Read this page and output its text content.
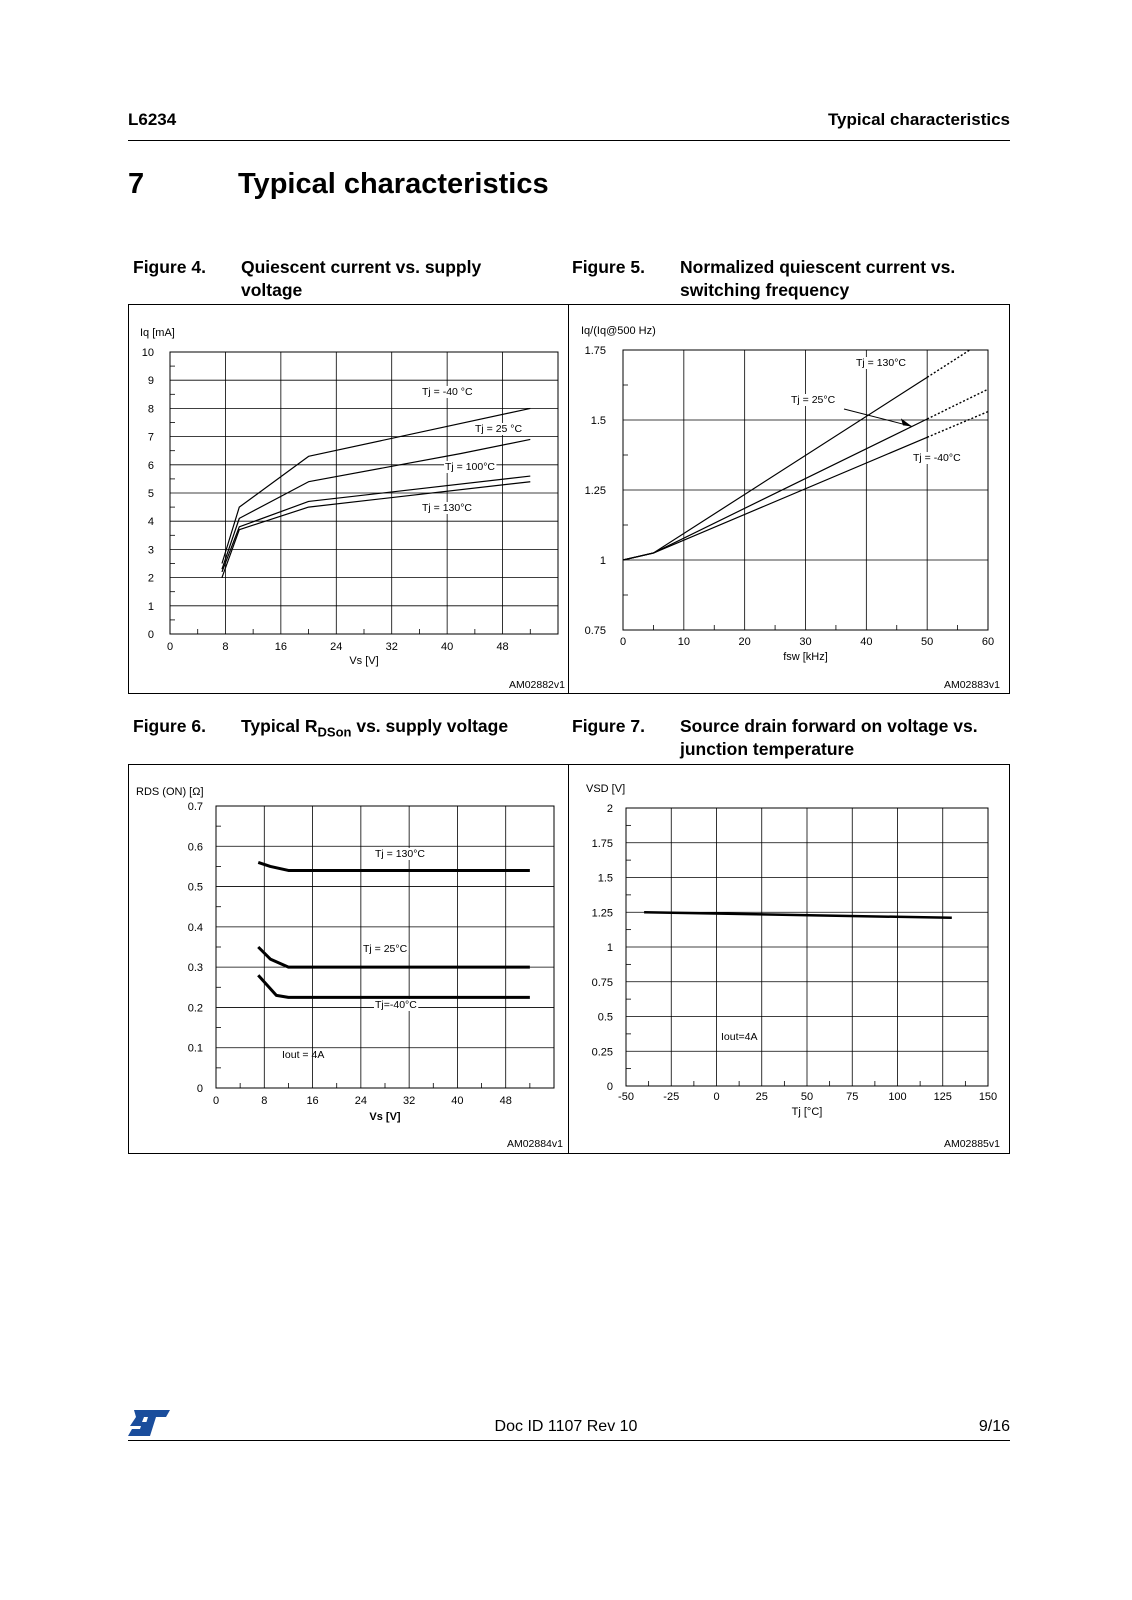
L6234	Typical characteristics
7	Typical characteristics
Figure 4. Quiescent current vs. supply voltage
Figure 5. Normalized quiescent current vs. switching frequency
Figure 6. Typical $R_{DSon}$ vs. supply voltage	Figure 7. Source drain forward on voltage vs. junction temperature
0	8	16	24	32	40	48
0
1
2
3
4
5
6
7
8
9
10
Iq [mA]
Vs [V]
AM02882v1
Tj = -40 °C
Tj = 25 °C
Tj = 100°C
Tj = 130°C
0	10	20	30	40	50	60
0.75
1
1.25
1.5
1.75
Iq/(Iq@500 Hz)
fsw [kHz]
AM02883v1
Tj = 130°C
Tj = 25°C
Tj = -40°C
0	8	16	24	32	40	48
0
0.1
0.2
0.3
0.4
0.5
0.6
0.7
RDS (ON) [Ω]
Vs [V]
AM02884v1
Iout = 4A
Tj = 130°C
Tj = 25°C
Tj=-40°C
-50	-25	0	25	50	75	100 125 150
0
0.25
0.5
0.75
1
1.25
1.5
1.75
2
VSD [V]
Tj [°C]
AM02885v1
Iout=4A
Doc ID 1107 Rev 10	9/16
